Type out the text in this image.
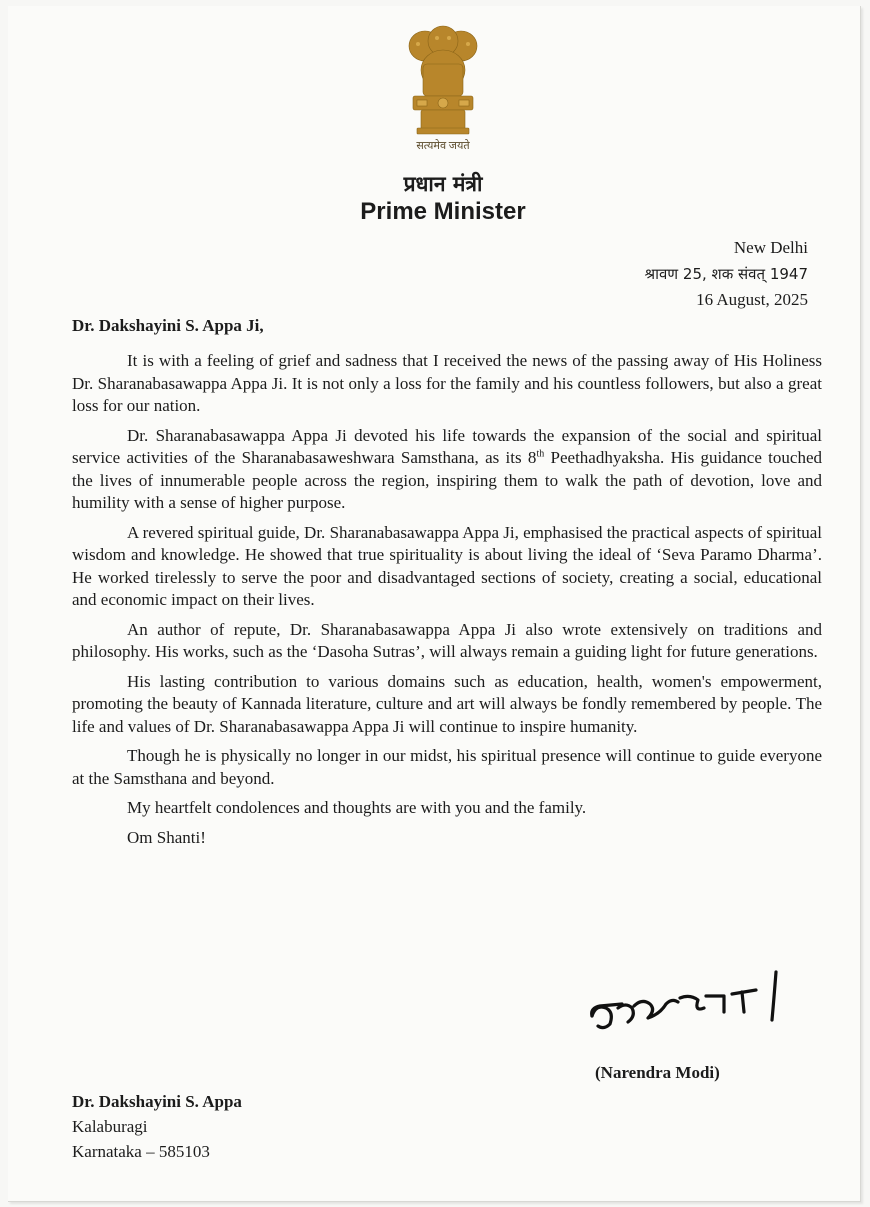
सत्यमेव जयते
प्रधान मंत्री
Prime Minister
New Delhi
श्रावण 25, शक संवत् 1947
16 August, 2025
Dr. Dakshayini S. Appa Ji,

It is with a feeling of grief and sadness that I received the news of the passing away of His Holiness Dr. Sharanabasawappa Appa Ji. It is not only a loss for the family and his countless followers, but also a great loss for our nation.

Dr. Sharanabasawappa Appa Ji devoted his life towards the expansion of the social and spiritual service activities of the Sharanabasaweshwara Samsthana, as its 8th Peethadhyaksha. His guidance touched the lives of innumerable people across the region, inspiring them to walk the path of devotion, love and humility with a sense of higher purpose.

A revered spiritual guide, Dr. Sharanabasawappa Appa Ji, emphasised the practical aspects of spiritual wisdom and knowledge. He showed that true spirituality is about living the ideal of ‘Seva Paramo Dharma’. He worked tirelessly to serve the poor and disadvantaged sections of society, creating a social, educational and economic impact on their lives.

An author of repute, Dr. Sharanabasawappa Appa Ji also wrote extensively on traditions and philosophy. His works, such as the ‘Dasoha Sutras’, will always remain a guiding light for future generations.

His lasting contribution to various domains such as education, health, women's empowerment, promoting the beauty of Kannada literature, culture and art will always be fondly remembered by people. The life and values of Dr. Sharanabasawappa Appa Ji will continue to inspire humanity.

Though he is physically no longer in our midst, his spiritual presence will continue to guide everyone at the Samsthana and beyond.

My heartfelt condolences and thoughts are with you and the family.

Om Shanti!

(Narendra Modi)
Dr. Dakshayini S. Appa
Kalaburagi
Karnataka – 585103
